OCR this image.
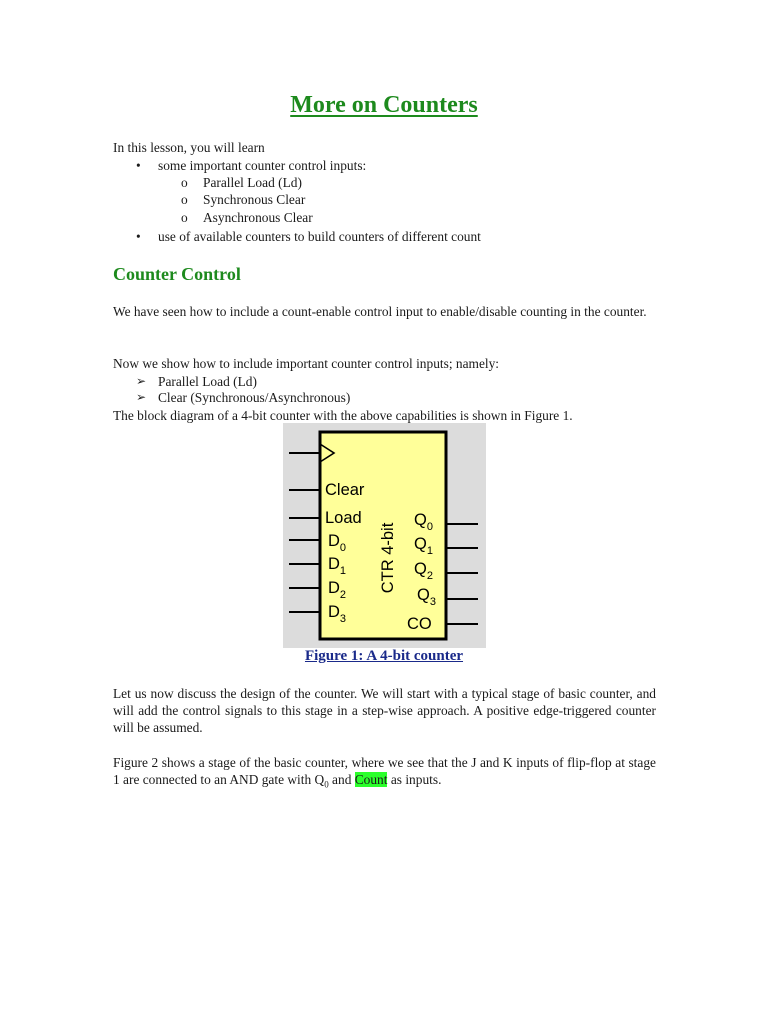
More on Counters
In this lesson, you will learn
• some important counter control inputs:
o Parallel Load (Ld)
o Synchronous Clear
o Asynchronous Clear
• use of available counters to build counters of different count
Counter Control
We have seen how to include a count-enable control input to enable/disable counting in the counter.
Now we show how to include important counter control inputs; namely:
➢ Parallel Load (Ld)
➢ Clear (Synchronous/Asynchronous)
The block diagram of a 4-bit counter with the above capabilities is shown in Figure 1.
Clear
Load
$D_0$
$D_1$
$D_2$
$D_3$
CTR 4-bit
$Q_0$
$Q_1$
$Q_2$
$Q_3$
CO
Figure 1: A 4-bit counter
Let us now discuss the design of the counter. We will start with a typical stage of basic counter, and will add the control signals to this stage in a step-wise approach. A positive edge-triggered counter will be assumed.
Figure 2 shows a stage of the basic counter, where we see that the J and K inputs of flip-flop at stage 1 are connected to an AND gate with $Q_0$ and Count as inputs.
